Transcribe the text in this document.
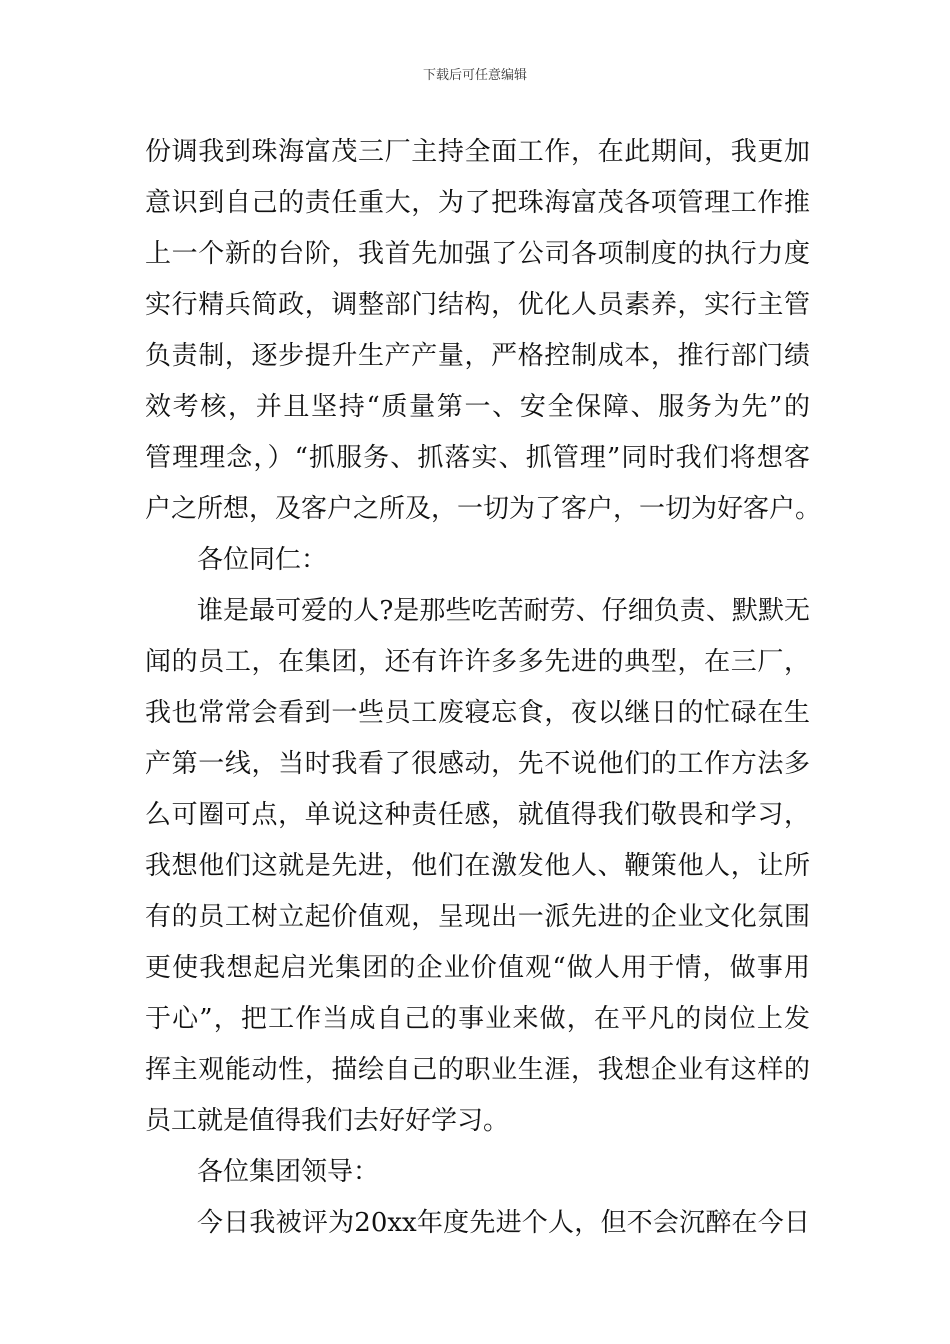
下载后可任意编辑
份调我到珠海富茂三厂主持全面工作，在此期间，我更加
意识到自己的责任重大，为了把珠海富茂各项管理工作推
上一个新的台阶，我首先加强了公司各项制度的执行力度
实行精兵简政，调整部门结构，优化人员素养，实行主管
负责制，逐步提升生产产量，严格控制成本，推行部门绩
效考核，并且坚持“质量第一、安全保障、服务为先”的
管理理念，）“抓服务、抓落实、抓管理”同时我们将想客
户之所想，及客户之所及，一切为了客户，一切为好客户。
各位同仁：
谁是最可爱的人?是那些吃苦耐劳、仔细负责、默默无
闻的员工，在集团，还有许许多多先进的典型，在三厂，
我也常常会看到一些员工废寝忘食，夜以继日的忙碌在生
产第一线，当时我看了很感动，先不说他们的工作方法多
么可圈可点，单说这种责任感，就值得我们敬畏和学习，
我想他们这就是先进，他们在激发他人、鞭策他人，让所
有的员工树立起价值观，呈现出一派先进的企业文化氛围
更使我想起启光集团的企业价值观“做人用于情，做事用
于心”，把工作当成自己的事业来做，在平凡的岗位上发
挥主观能动性，描绘自己的职业生涯，我想企业有这样的
员工就是值得我们去好好学习。
各位集团领导：
今日我被评为20xx年度先进个人，但不会沉醉在今日
